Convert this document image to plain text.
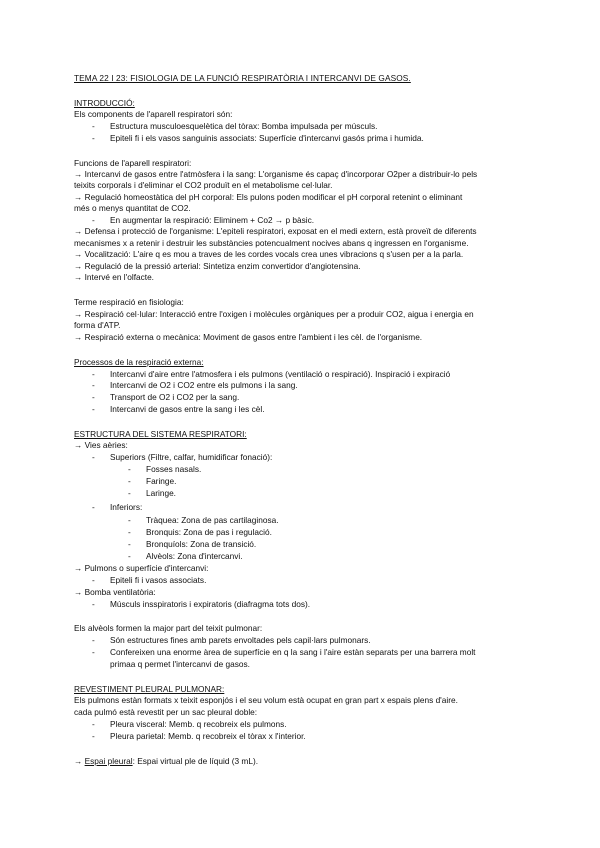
TEMA 22 I 23: FISIOLOGIA DE LA FUNCIÓ RESPIRATÒRIA I INTERCANVI DE GASOS.
INTRODUCCIÓ:
Els components de l'aparell respiratori són:
- Estructura musculoesquelètica del tòrax: Bomba impulsada per músculs.
- Epiteli fi i els vasos sanguinis associats: Superfície d'intercanvi gasós prima i humida.
Funcions de l'aparell respiratori:
→ Intercanvi de gasos entre l'atmòsfera i la sang: L'organisme és capaç d'incorporar O2per a distribuir-lo pels
teixits corporals i d'eliminar el CO2 produït en el metabolisme cel·lular.
→ Regulació homeostàtica del pH corporal: Els pulons poden modificar el pH corporal retenint o eliminant
més o menys quantitat de CO2.
- En augmentar la respiració: Eliminem + Co2 → p bàsic.
→ Defensa i protecció de l'organisme: L'epiteli respiratori, exposat en el medi extern, està proveït de diferents
mecanismes x a retenir i destruir les substàncies potencualment nocives abans q ingressen en l'organisme.
→ Vocalització: L'aire q es mou a traves de les cordes vocals crea unes vibracions q s'usen per a la parla.
→ Regulació de la pressió arterial: Sintetiza enzim convertidor d'angiotensina.
→ Intervé en l'olfacte.
Terme respiració en fisiologia:
→ Respiració cel·lular: Interacció entre l'oxigen i molècules orgàniques per a produir CO2, aigua i energia en
forma d'ATP.
→ Respiració externa o mecànica: Moviment de gasos entre l'ambient i les cèl. de l'organisme.
Processos de la respiració externa:
- Intercanvi d'aire entre l'atmosfera i els pulmons (ventilació o respiració). Inspiració i expiració
- Intercanvi de O2 i CO2 entre els pulmons i la sang.
- Transport de O2 i CO2 per la sang.
- Intercanvi de gasos entre la sang i les cèl.
ESTRUCTURA DEL SISTEMA RESPIRATORI:
→ Vies aèries:
- Superiors (Filtre, calfar, humidificar fonació):
- Fosses nasals.
- Faringe.
- Laringe.
- Inferiors:
- Tràquea: Zona de pas cartilaginosa.
- Bronquis: Zona de pas i regulació.
- Bronquíols: Zona de transició.
- Alvèols: Zona d'intercanvi.
→ Pulmons o superfície d'intercanvi:
- Epiteli fi i vasos associats.
→ Bomba ventilatòria:
- Músculs insspiratoris i expiratoris (diafragma tots dos).
Els alvèols formen la major part del teixit pulmonar:
- Són estructures fines amb parets envoltades pels capil·lars pulmonars.
- Confereixen una enorme àrea de superfície en q la sang i l'aire estàn separats per una barrera molt
primaa q permet l'intercanvi de gasos.
REVESTIMENT PLEURAL PULMONAR:
Els pulmons estàn formats x teixit esponjós i el seu volum està ocupat en gran part x espais plens d'aire.
cada pulmó està revestit per un sac pleural doble:
- Pleura visceral: Memb. q recobreix els pulmons.
- Pleura parietal: Memb. q recobreix el tòrax x l'interior.
→ Espai pleural: Espai virtual ple de líquid (3 mL).
